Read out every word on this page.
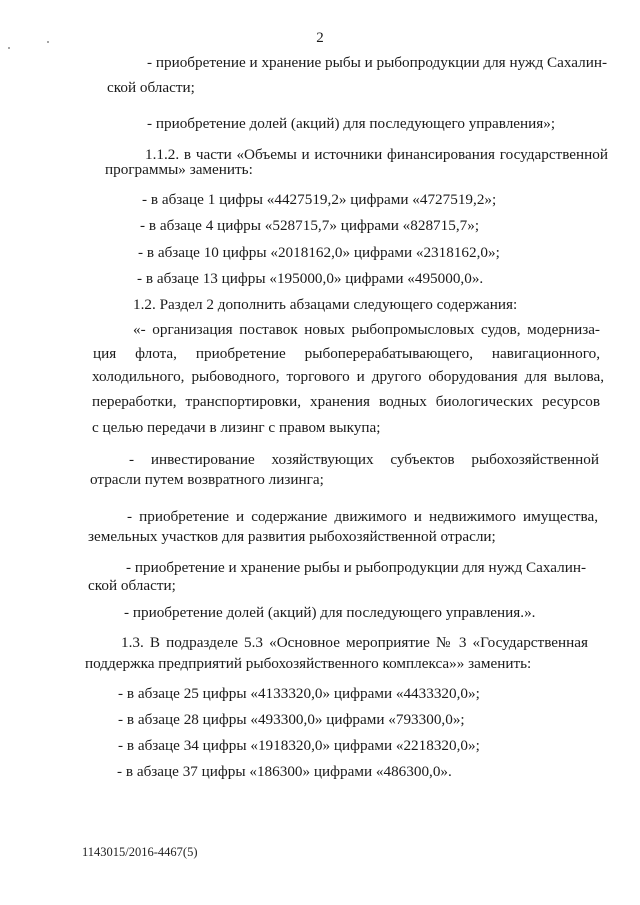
2
- приобретение и хранение рыбы и рыбопродукции для нужд Сахалин-
ской области;
- приобретение долей (акций) для последующего управления»;
1.1.2. в части «Объемы и источники финансирования государственной
программы» заменить:
- в абзаце 1 цифры «4427519,2» цифрами «4727519,2»;
- в абзаце 4 цифры «528715,7» цифрами «828715,7»;
- в абзаце 10 цифры «2018162,0» цифрами «2318162,0»;
- в абзаце 13 цифры «195000,0» цифрами «495000,0».
1.2. Раздел 2 дополнить абзацами следующего содержания:
«- организация поставок новых рыбопромысловых судов, модерниза-
ция флота, приобретение рыбоперерабатывающего, навигационного,
холодильного, рыбоводного, торгового и другого оборудования для вылова,
переработки, транспортировки, хранения водных биологических ресурсов
с целью передачи в лизинг с правом выкупа;
- инвестирование хозяйствующих субъектов рыбохозяйственной
отрасли путем возвратного лизинга;
- приобретение и содержание движимого и недвижимого имущества,
земельных участков для развития рыбохозяйственной отрасли;
- приобретение и хранение рыбы и рыбопродукции для нужд Сахалин-
ской области;
- приобретение долей (акций) для последующего управления.».
1.3. В подразделе 5.3 «Основное мероприятие № 3 «Государственная
поддержка предприятий рыбохозяйственного комплекса»» заменить:
- в абзаце 25 цифры «4133320,0» цифрами «4433320,0»;
- в абзаце 28 цифры «493300,0» цифрами «793300,0»;
- в абзаце 34 цифры «1918320,0» цифрами «2218320,0»;
- в абзаце 37 цифры «186300» цифрами «486300,0».
1143015/2016-4467(5)
